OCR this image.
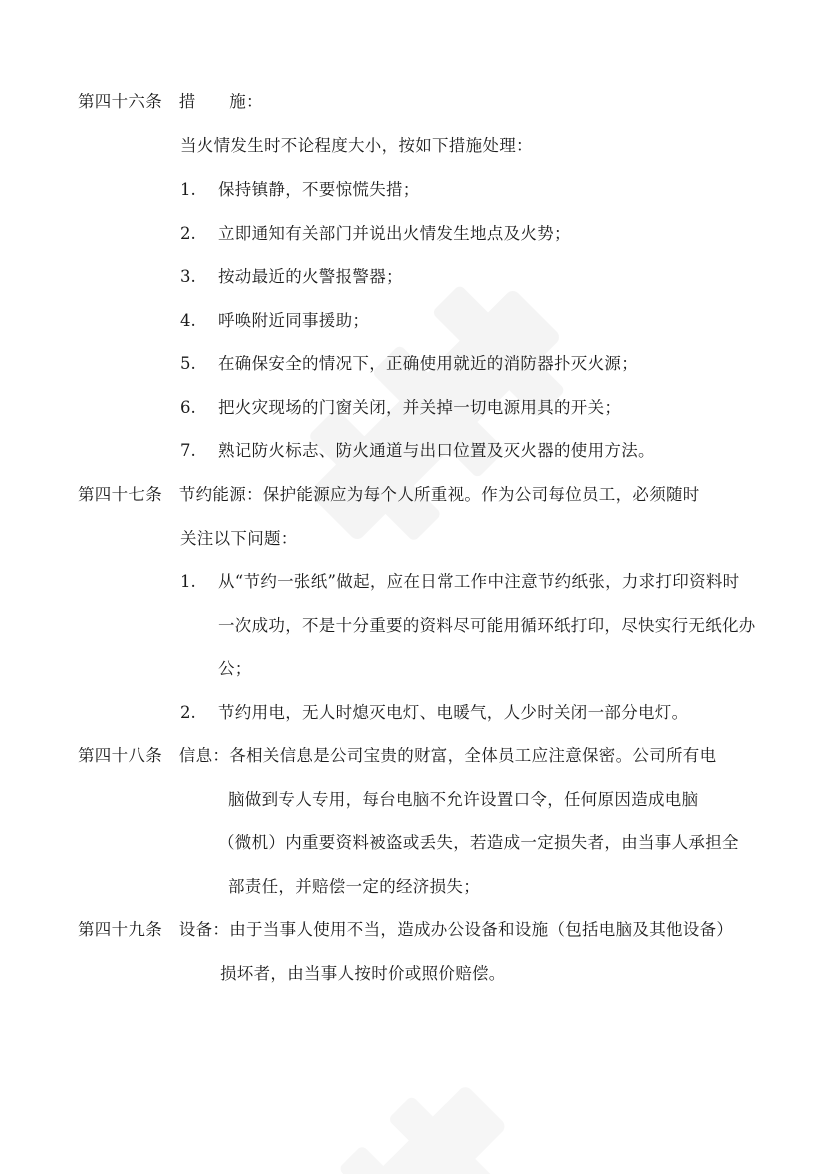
第四十六条　措　　施：
当火情发生时不论程度大小，按如下措施处理：
1. 保持镇静，不要惊慌失措；
2. 立即通知有关部门并说出火情发生地点及火势；
3. 按动最近的火警报警器；
4. 呼唤附近同事援助；
5. 在确保安全的情况下，正确使用就近的消防器扑灭火源；
6. 把火灾现场的门窗关闭，并关掉一切电源用具的开关；
7. 熟记防火标志、防火通道与出口位置及灭火器的使用方法。
第四十七条　节约能源：保护能源应为每个人所重视。作为公司每位员工，必须随时
关注以下问题：
1. 从“节约一张纸”做起，应在日常工作中注意节约纸张，力求打印资料时
一次成功，不是十分重要的资料尽可能用循环纸打印，尽快实行无纸化办
公；
2. 节约用电，无人时熄灭电灯、电暖气，人少时关闭一部分电灯。
第四十八条　信息：各相关信息是公司宝贵的财富，全体员工应注意保密。公司所有电
脑做到专人专用，每台电脑不允许设置口令，任何原因造成电脑
（微机）内重要资料被盗或丢失，若造成一定损失者，由当事人承担全
部责任，并赔偿一定的经济损失；
第四十九条　设备：由于当事人使用不当，造成办公设备和设施（包括电脑及其他设备）
损坏者，由当事人按时价或照价赔偿。
